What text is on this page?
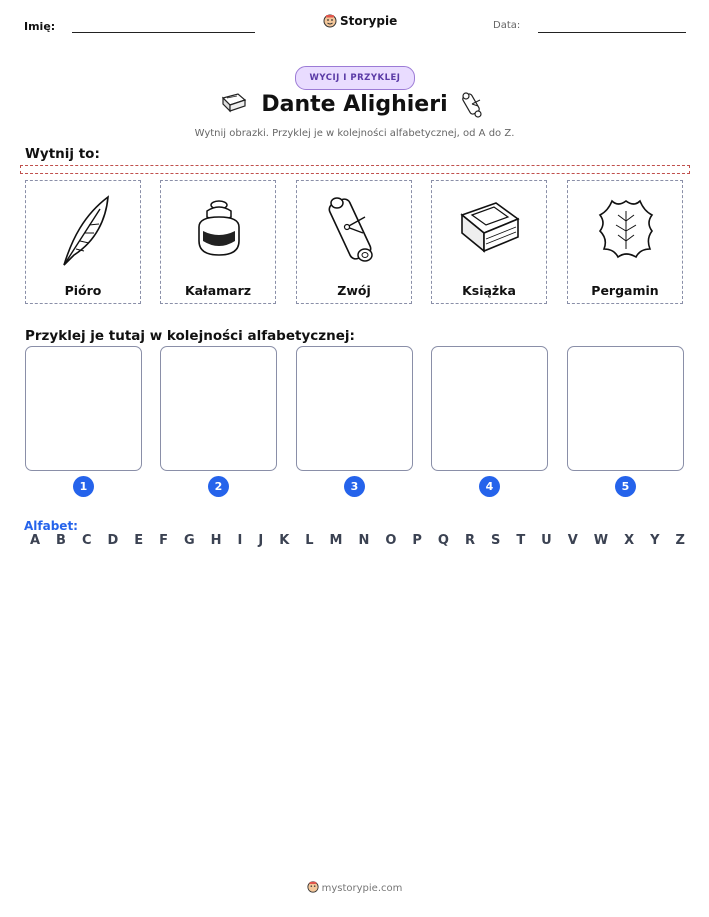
Imię:	Storypie	Data:
WYCIJ I PRZYKLEJ
Dante Alighieri
Wytnij obrazki. Przyklej je w kolejności alfabetycznej, od A do Z.
Wytnij to:
Pióro	Kałamarz	Zwój	Książka	Pergamin
Przyklej je tutaj w kolejności alfabetycznej:
1	2	3	4	5
Alfabet:
A B C D E F G H I J K L M N O P Q R S T U V W X Y Z
mystorypie.com
